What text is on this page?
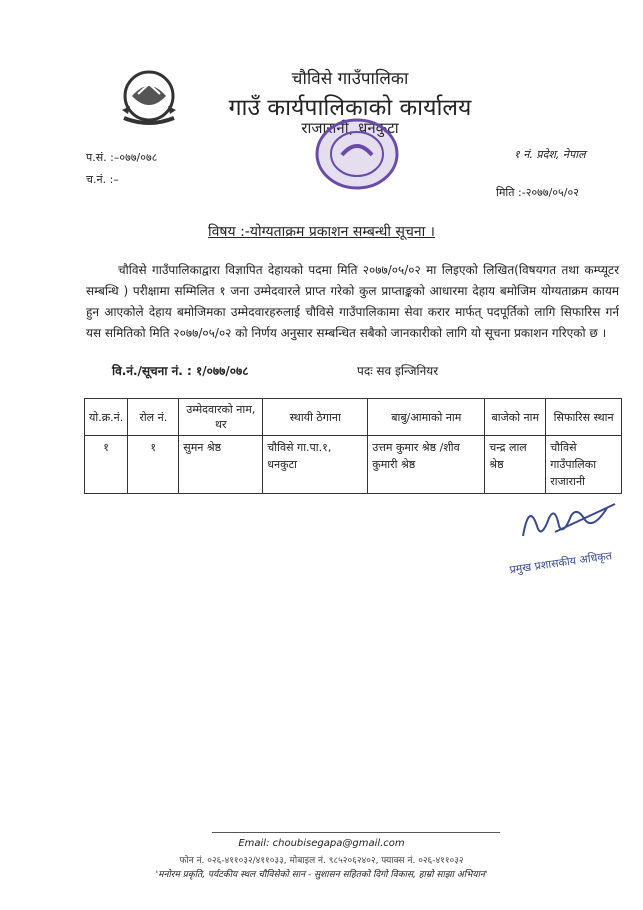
चौविसे गाउँपालिका
गाउँ कार्यपालिकाको कार्यालय
राजारानी, धनकुटा
प.सं. :–०७७/०७८
च.नं. :–
१ नं. प्रदेश, नेपाल
मिति :-२०७७/०५/०२
विषय :-योग्यताक्रम प्रकाशन सम्बन्धी सूचना ।
चौविसे गाउँपालिकाद्वारा विज्ञापित देहायको पदमा मिति २०७७/०५/०२ मा लिइएको लिखित(विषयगत तथा कम्प्यूटर सम्बन्धि ) परीक्षामा सम्मिलित १ जना उम्मेदवारले प्राप्त गरेको कुल प्राप्ताङ्कको आधारमा देहाय बमोजिम योग्यताक्रम कायम हुन आएकोले देहाय बमोजिमका उम्मेदवारहरुलाई चौविसे गाउँपालिकामा सेवा करार मार्फत् पदपूर्तिको लागि सिफारिस गर्न यस समितिको मिति २०७७/०५/०२ को निर्णय अनुसार सम्बन्धित सबैको जानकारीको लागि यो सूचना प्रकाशन गरिएको छ ।
वि.नं./सूचना नं. : १/०७७/०७८	पदः सव इन्जिनियर
यो.क्र.नं.	रोल नं.	उम्मेदवारको नाम, थर	स्थायी ठेगाना	बाबु/आमाको नाम	बाजेको नाम	सिफारिस स्थान
१	१	सुमन श्रेष्ठ	चौविसे गा.पा.१, धनकुटा	उत्तम कुमार श्रेष्ठ /शीव कुमारी श्रेष्ठ	चन्द्र लाल श्रेष्ठ	चौविसे गाउँपालिका राजारानी
प्रमुख प्रशासकीय अधिकृत
Email: choubisegapa@gmail.com
फोन नं. ०२६-४११०३२/४११०३३, मोबाइल नं. ९८५२०६२४०२, फ्याक्स नं. ०२६-४११०३२
'मनोरम प्रकृति, पर्यटकीय स्थल चौविसेको सान - सुशासन सहितको दिगो विकास, हाम्रो साझा अभियान'
